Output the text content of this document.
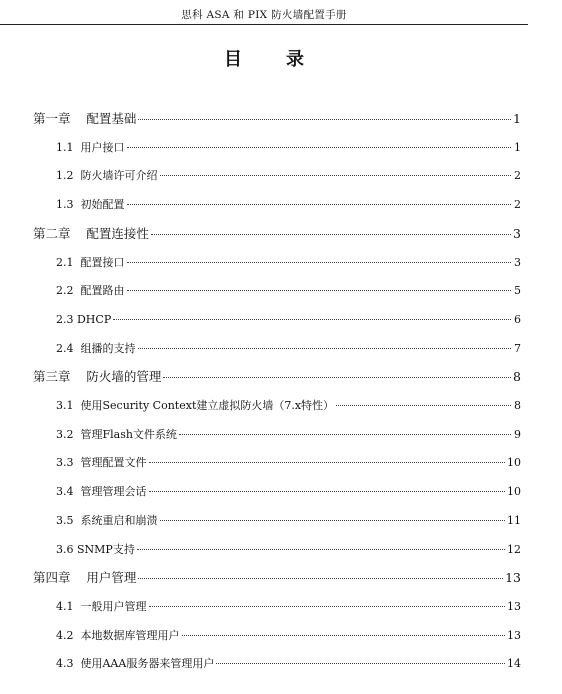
思科 ASA 和 PIX 防火墙配置手册
目 录
第一章    配置基础	1
1.1  用户接口	1
1.2  防火墙许可介绍	2
1.3  初始配置	2
第二章    配置连接性	3
2.1  配置接口	3
2.2  配置路由	5
2.3 DHCP	6
2.4  组播的支持	7
第三章    防火墙的管理	8
3.1  使用Security Context建立虚拟防火墙（7.x特性）	8
3.2  管理Flash文件系统	9
3.3  管理配置文件	10
3.4  管理管理会话	10
3.5  系统重启和崩溃	11
3.6 SNMP支持	12
第四章    用户管理	13
4.1  一般用户管理	13
4.2  本地数据库管理用户	13
4.3  使用AAA服务器来管理用户	14
